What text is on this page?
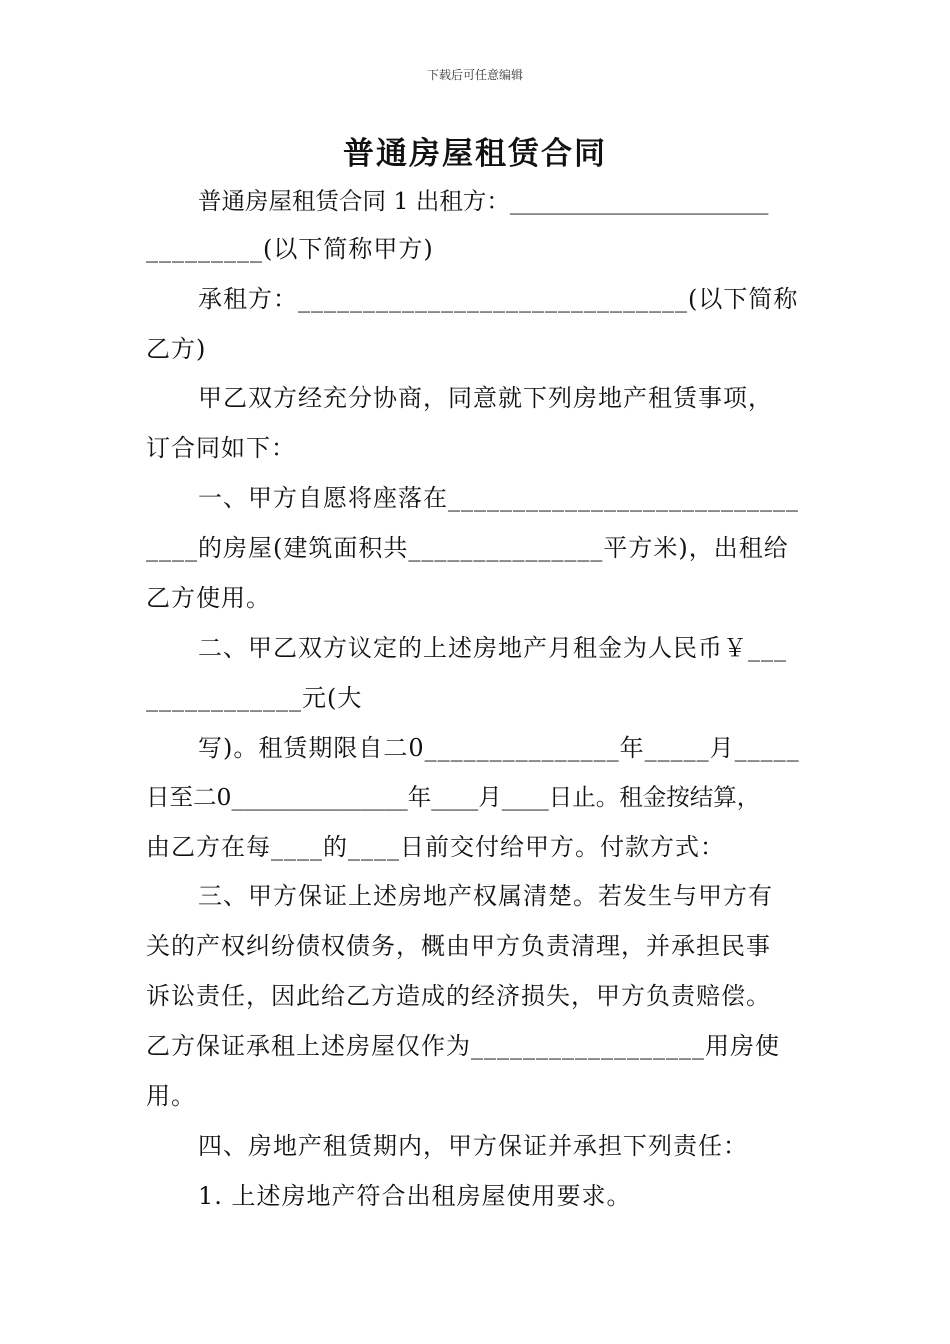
下载后可任意编辑
普通房屋租赁合同
普通房屋租赁合同 1 出租方：______________________
_________(以下简称甲方)
承租方：______________________________(以下简称
乙方)
甲乙双方经充分协商，同意就下列房地产租赁事项，
订合同如下：
一、甲方自愿将座落在___________________________
____的房屋(建筑面积共_______________平方米)，出租给
乙方使用。
二、甲乙双方议定的上述房地产月租金为人民币￥___
____________元(大
写)。租赁期限自二0_______________年_____月_____
日至二0_______________年____月____日止。租金按结算，
由乙方在每____的____日前交付给甲方。付款方式：
三、甲方保证上述房地产权属清楚。若发生与甲方有
关的产权纠纷债权债务，概由甲方负责清理，并承担民事
诉讼责任，因此给乙方造成的经济损失，甲方负责赔偿。
乙方保证承租上述房屋仅作为__________________用房使
用。
四、房地产租赁期内，甲方保证并承担下列责任：
1. 上述房地产符合出租房屋使用要求。
